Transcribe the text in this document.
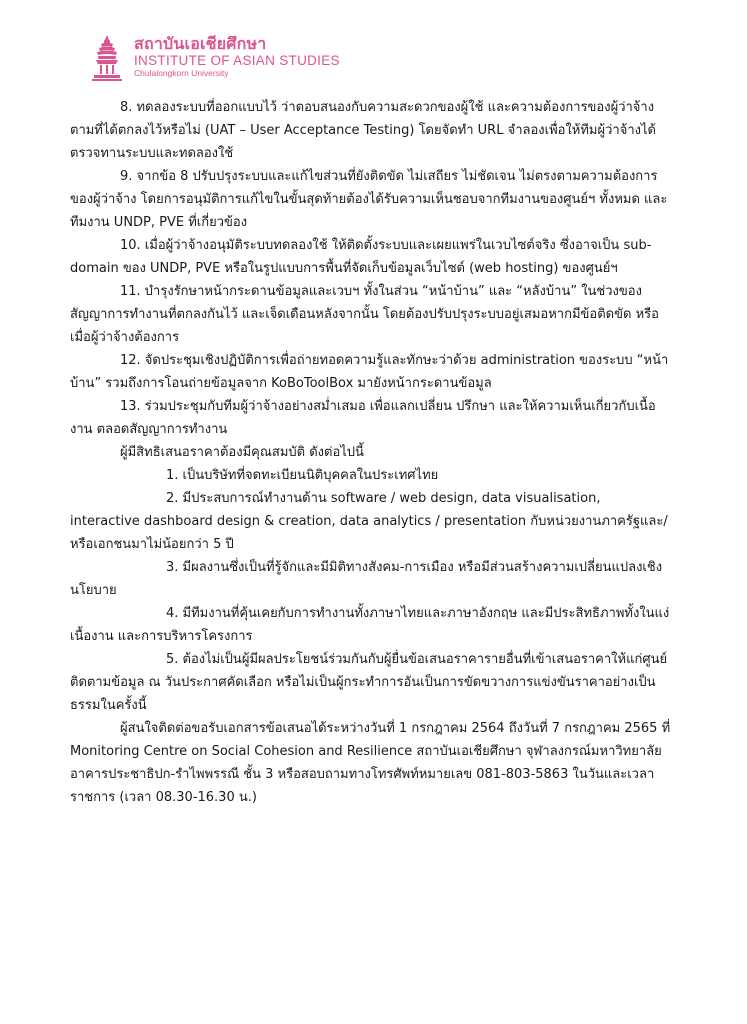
สถาบันเอเชียศึกษา
INSTITUTE OF ASIAN STUDIES
Chulalongkorn University

8. ทดลองระบบที่ออกแบบไว้ ว่าตอบสนองกับความสะดวกของผู้ใช้ และความต้องการของผู้ว่าจ้าง ตามที่ได้ตกลงไว้หรือไม่ (UAT – User Acceptance Testing) โดยจัดทำ URL จำลองเพื่อให้ทีมผู้ว่าจ้างได้ตรวจทานระบบและทดลองใช้

9. จากข้อ 8 ปรับปรุงระบบและแก้ไขส่วนที่ยังติดขัด ไม่เสถียร ไม่ชัดเจน ไม่ตรงตามความต้องการของผู้ว่าจ้าง โดยการอนุมัติการแก้ไขในขั้นสุดท้ายต้องได้รับความเห็นชอบจากทีมงานของศูนย์ฯ ทั้งหมด และทีมงาน UNDP, PVE ที่เกี่ยวข้อง

10. เมื่อผู้ว่าจ้างอนุมัติระบบทดลองใช้ ให้ติดตั้งระบบและเผยแพร่ในเวบไซต์จริง ซึ่งอาจเป็น sub-domain ของ UNDP, PVE หรือในรูปแบบการพื้นที่จัดเก็บข้อมูลเว็บไซต์ (web hosting) ของศูนย์ฯ

11. บำรุงรักษาหน้ากระดานข้อมูลและเวบฯ ทั้งในส่วน “หน้าบ้าน” และ “หลังบ้าน” ในช่วงของสัญญาการทำงานที่ตกลงกันไว้ และเจ็ดเดือนหลังจากนั้น โดยต้องปรับปรุงระบบอยู่เสมอหากมีข้อติดขัด หรือเมื่อผู้ว่าจ้างต้องการ

12. จัดประชุมเชิงปฏิบัติการเพื่อถ่ายทอดความรู้และทักษะว่าด้วย administration ของระบบ “หน้าบ้าน” รวมถึงการโอนถ่ายข้อมูลจาก KoBoToolBox มายังหน้ากระดานข้อมูล

13. ร่วมประชุมกับทีมผู้ว่าจ้างอย่างสม่ำเสมอ เพื่อแลกเปลี่ยน ปรึกษา และให้ความเห็นเกี่ยวกับเนื้องาน ตลอดสัญญาการทำงาน

ผู้มีสิทธิเสนอราคาต้องมีคุณสมบัติ ดังต่อไปนี้

1. เป็นบริษัทที่จดทะเบียนนิติบุคคลในประเทศไทย

2. มีประสบการณ์ทำงานด้าน software / web design, data visualisation, interactive dashboard design & creation, data analytics / presentation กับหน่วยงานภาครัฐและ/หรือเอกชนมาไม่น้อยกว่า 5 ปี

3. มีผลงานซึ่งเป็นที่รู้จักและมีมิติทางสังคม-การเมือง หรือมีส่วนสร้างความเปลี่ยนแปลงเชิงนโยบาย

4. มีทีมงานที่คุ้นเคยกับการทำงานทั้งภาษาไทยและภาษาอังกฤษ และมีประสิทธิภาพทั้งในแง่เนื้องาน และการบริหารโครงการ

5. ต้องไม่เป็นผู้มีผลประโยชน์ร่วมกันกับผู้ยื่นข้อเสนอราคารายอื่นที่เข้าเสนอราคาให้แก่ศูนย์ติดตามข้อมูล ณ วันประกาศคัดเลือก หรือไม่เป็นผู้กระทำการอันเป็นการขัดขวางการแข่งขันราคาอย่างเป็นธรรมในครั้งนี้

ผู้สนใจติดต่อขอรับเอกสารข้อเสนอได้ระหว่างวันที่ 1 กรกฎาคม 2564 ถึงวันที่ 7 กรกฎาคม 2565 ที่ Monitoring Centre on Social Cohesion and Resilience สถาบันเอเชียศึกษา จุฬาลงกรณ์มหาวิทยาลัย อาคารประชาธิปก-รำไพพรรณี ชั้น 3 หรือสอบถามทางโทรศัพท์หมายเลข 081-803-5863 ในวันและเวลาราชการ (เวลา 08.30-16.30 น.)
